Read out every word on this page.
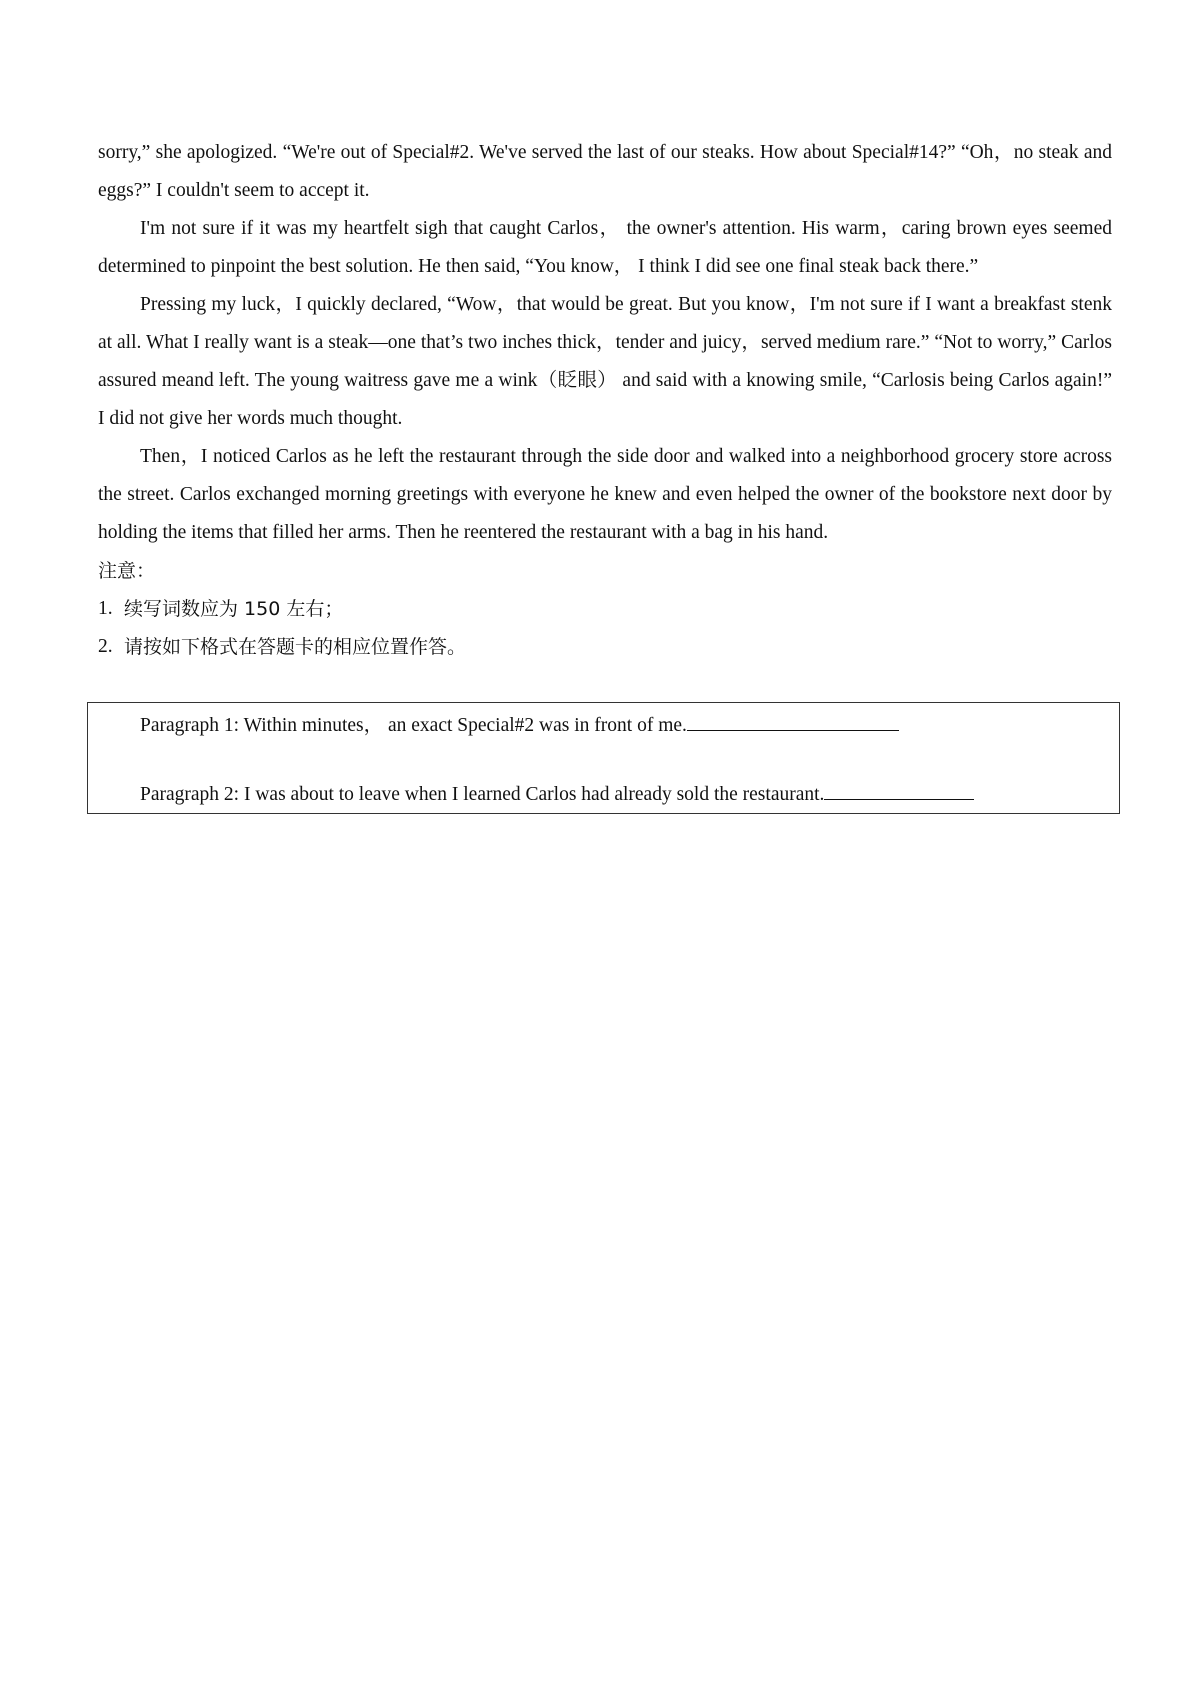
sorry,” she apologized. “We're out of Special#2. We've served the last of our steaks. How about Special#14?” “Oh，no steak and eggs?” I couldn't seem to accept it.

I'm not sure if it was my heartfelt sigh that caught Carlos， the owner's attention. His warm，caring brown eyes seemed determined to pinpoint the best solution. He then said, “You know， I think I did see one final steak back there.”

Pressing my luck，I quickly declared, “Wow，that would be great. But you know，I'm not sure if I want a breakfast stenk at all. What I really want is a steak—one that’s two inches thick，tender and juicy，served medium rare.” “Not to worry,” Carlos assured meand left. The young waitress gave me a wink（眨眼） and said with a knowing smile, “Carlosis being Carlos again!” I did not give her words much thought.

Then，I noticed Carlos as he left the restaurant through the side door and walked into a neighborhood grocery store across the street. Carlos exchanged morning greetings with everyone he knew and even helped the owner of the bookstore next door by holding the items that filled her arms. Then he reentered the restaurant with a bag in his hand.

注意：

1. 续写词数应为 150 左右；
2. 请按如下格式在答题卡的相应位置作答。
Paragraph 1: Within minutes， an exact Special#2 was in front of me.
Paragraph 2: I was about to leave when I learned Carlos had already sold the restaurant.
